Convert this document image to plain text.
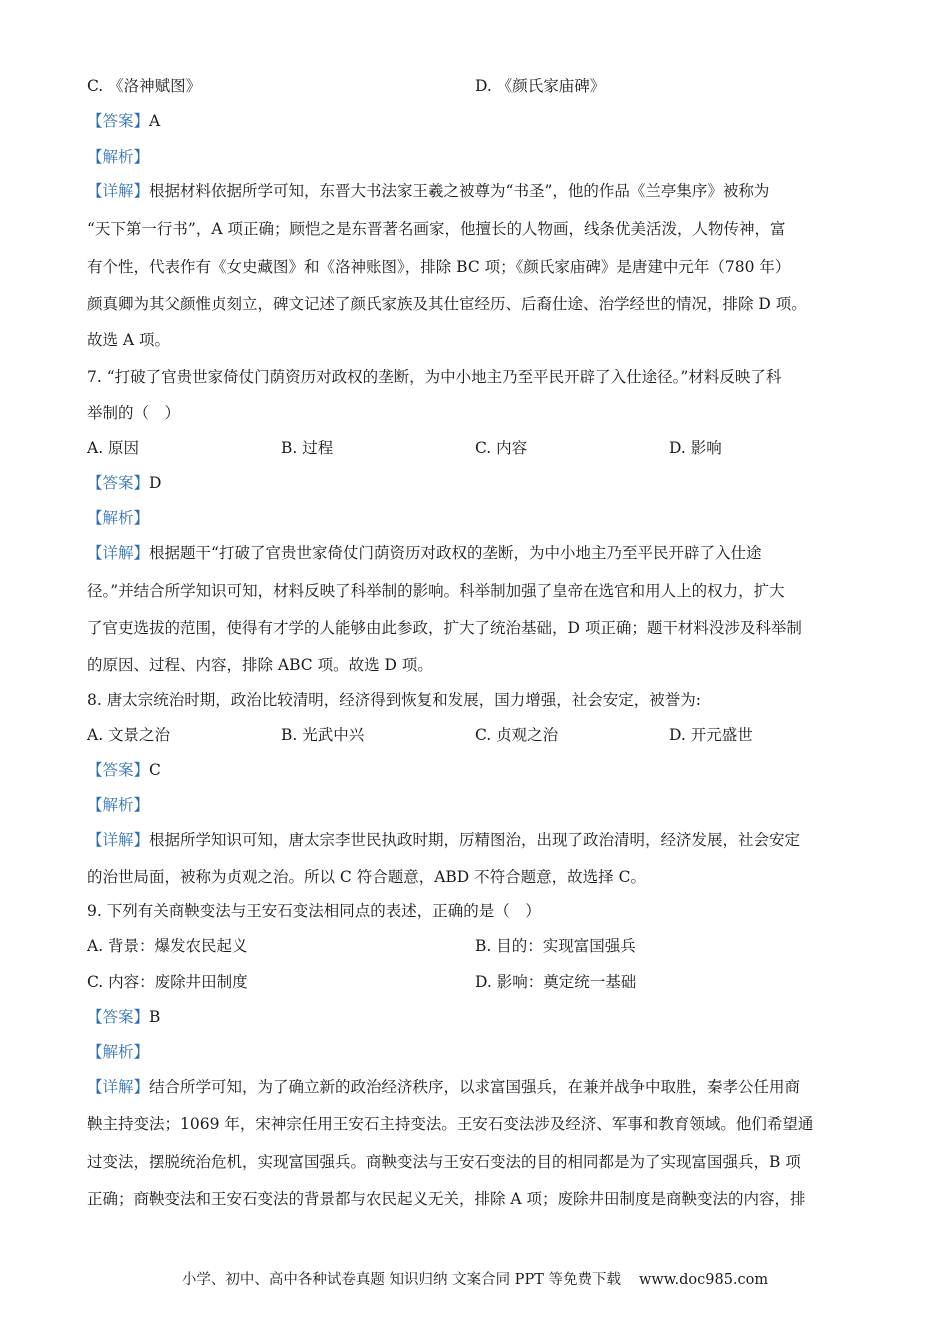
C. 《洛神赋图》	D. 《颜氏家庙碑》
【答案】A
【解析】
【详解】根据材料依据所学可知，东晋大书法家王羲之被尊为“书圣”，他的作品《兰亭集序》被称为
“天下第一行书”，A 项正确；顾恺之是东晋著名画家，他擅长的人物画，线条优美活泼，人物传神，富
有个性，代表作有《女史藏图》和《洛神账图》，排除 BC 项；《颜氏家庙碑》是唐建中元年（780 年）
颜真卿为其父颜惟贞刻立，碑文记述了颜氏家族及其仕宦经历、后裔仕途、治学经世的情况，排除 D 项。
故选 A 项。
7. “打破了官贵世家倚仗门荫资历对政权的垄断，为中小地主乃至平民开辟了入仕途径。”材料反映了科
举制的（　）
A. 原因	B. 过程	C. 内容	D. 影响
【答案】D
【解析】
【详解】根据题干“打破了官贵世家倚仗门荫资历对政权的垄断，为中小地主乃至平民开辟了入仕途
径。”并结合所学知识可知，材料反映了科举制的影响。科举制加强了皇帝在选官和用人上的权力，扩大
了官吏选拔的范围，使得有才学的人能够由此参政，扩大了统治基础，D 项正确；题干材料没涉及科举制
的原因、过程、内容，排除 ABC 项。故选 D 项。
8. 唐太宗统治时期，政治比较清明，经济得到恢复和发展，国力增强，社会安定，被誉为:
A. 文景之治	B. 光武中兴	C. 贞观之治	D. 开元盛世
【答案】C
【解析】
【详解】根据所学知识可知，唐太宗李世民执政时期，厉精图治，出现了政治清明，经济发展，社会安定
的治世局面，被称为贞观之治。所以 C 符合题意，ABD 不符合题意，故选择 C。
9. 下列有关商鞅变法与王安石变法相同点的表述，正确的是（　）
A. 背景：爆发农民起义	B. 目的：实现富国强兵
C. 内容：废除井田制度	D. 影响：奠定统一基础
【答案】B
【解析】
【详解】结合所学可知，为了确立新的政治经济秩序，以求富国强兵，在兼并战争中取胜，秦孝公任用商
鞅主持变法；1069 年，宋神宗任用王安石主持变法。王安石变法涉及经济、军事和教育领域。他们希望通
过变法，摆脱统治危机，实现富国强兵。商鞅变法与王安石变法的目的相同都是为了实现富国强兵，B 项
正确；商鞅变法和王安石变法的背景都与农民起义无关，排除 A 项；废除井田制度是商鞅变法的内容，排
小学、初中、高中各种试卷真题 知识归纳 文案合同 PPT 等免费下载 www.doc985.com
